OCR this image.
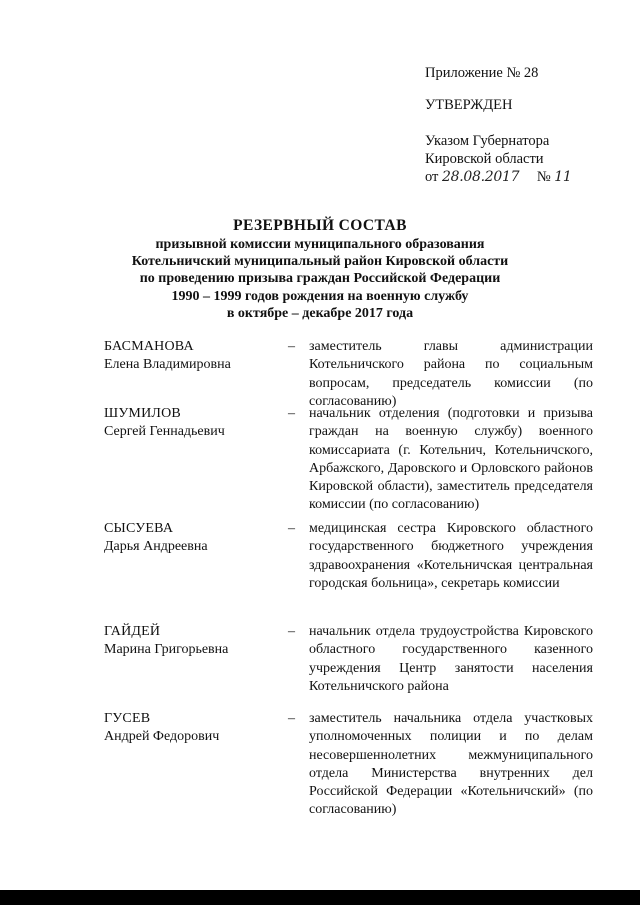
Приложение № 28
УТВЕРЖДЕН
Указом Губернатора
Кировской области
от 28.08.2017 № 11
РЕЗЕРВНЫЙ СОСТАВ
призывной комиссии муниципального образования
Котельничский муниципальный район Кировской области
по проведению призыва граждан Российской Федерации
1990 – 1999 годов рождения на военную службу
в октябре – декабре 2017 года
БАСМАНОВА
Елена Владимировна
– заместитель главы администрации Котельничского района по социальным вопросам, председатель комиссии (по согласованию)
ШУМИЛОВ
Сергей Геннадьевич
– начальник отделения (подготовки и призыва граждан на военную службу) военного комиссариата (г. Котельнич, Котельничского, Арбажского, Даровского и Орловского районов Кировской области), заместитель председателя комиссии (по согласованию)
СЫСУЕВА
Дарья Андреевна
– медицинская сестра Кировского областного государственного бюджетного учреждения здравоохранения «Котельничская центральная городская больница», секретарь комиссии
ГАЙДЕЙ
Марина Григорьевна
– начальник отдела трудоустройства Кировского областного государственного казенного учреждения Центр занятости населения Котельничского района
ГУСЕВ
Андрей Федорович
– заместитель начальника отдела участковых уполномоченных полиции и по делам несовершеннолетних межмуниципального отдела Министерства внутренних дел Российской Федерации «Котельничский» (по согласованию)
